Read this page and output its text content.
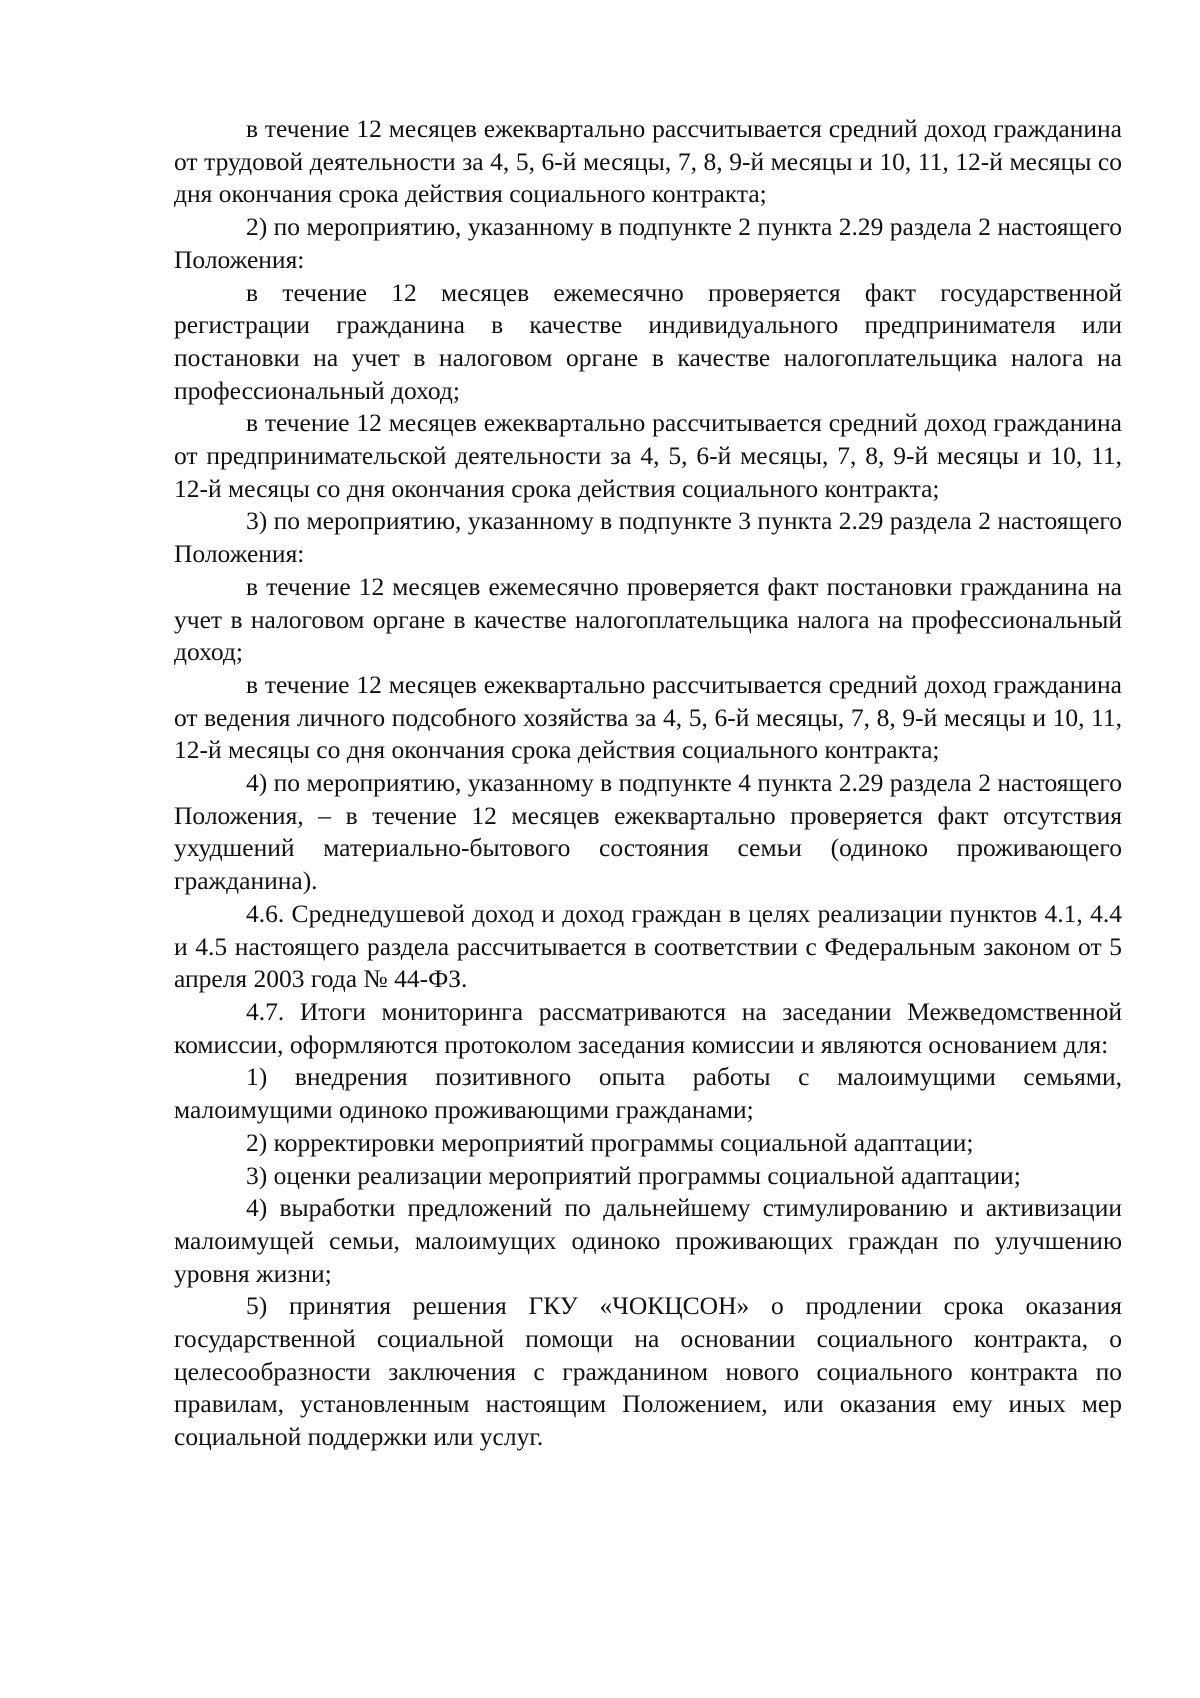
в течение 12 месяцев ежеквартально рассчитывается средний доход гражданина от трудовой деятельности за 4, 5, 6-й месяцы, 7, 8, 9-й месяцы и 10, 11, 12-й месяцы со дня окончания срока действия социального контракта;

2) по мероприятию, указанному в подпункте 2 пункта 2.29 раздела 2 настоящего Положения:

в течение 12 месяцев ежемесячно проверяется факт государственной регистрации гражданина в качестве индивидуального предпринимателя или постановки на учет в налоговом органе в качестве налогоплательщика налога на профессиональный доход;

в течение 12 месяцев ежеквартально рассчитывается средний доход гражданина от предпринимательской деятельности за 4, 5, 6-й месяцы, 7, 8, 9-й месяцы и 10, 11, 12-й месяцы со дня окончания срока действия социального контракта;

3) по мероприятию, указанному в подпункте 3 пункта 2.29 раздела 2 настоящего Положения:

в течение 12 месяцев ежемесячно проверяется факт постановки гражданина на учет в налоговом органе в качестве налогоплательщика налога на профессиональный доход;

в течение 12 месяцев ежеквартально рассчитывается средний доход гражданина от ведения личного подсобного хозяйства за 4, 5, 6-й месяцы, 7, 8, 9-й месяцы и 10, 11, 12-й месяцы со дня окончания срока действия социального контракта;

4) по мероприятию, указанному в подпункте 4 пункта 2.29 раздела 2 настоящего Положения, – в течение 12 месяцев ежеквартально проверяется факт отсутствия ухудшений материально-бытового состояния семьи (одиноко проживающего гражданина).

4.6. Среднедушевой доход и доход граждан в целях реализации пунктов 4.1, 4.4 и 4.5 настоящего раздела рассчитывается в соответствии с Федеральным законом от 5 апреля 2003 года № 44-ФЗ.

4.7. Итоги мониторинга рассматриваются на заседании Межведомственной комиссии, оформляются протоколом заседания комиссии и являются основанием для:

1) внедрения позитивного опыта работы с малоимущими семьями, малоимущими одиноко проживающими гражданами;

2) корректировки мероприятий программы социальной адаптации;

3) оценки реализации мероприятий программы социальной адаптации;

4) выработки предложений по дальнейшему стимулированию и активизации малоимущей семьи, малоимущих одиноко проживающих граждан по улучшению уровня жизни;

5) принятия решения ГКУ «ЧОКЦСОН» о продлении срока оказания государственной социальной помощи на основании социального контракта, о целесообразности заключения с гражданином нового социального контракта по правилам, установленным настоящим Положением, или оказания ему иных мер социальной поддержки или услуг.
